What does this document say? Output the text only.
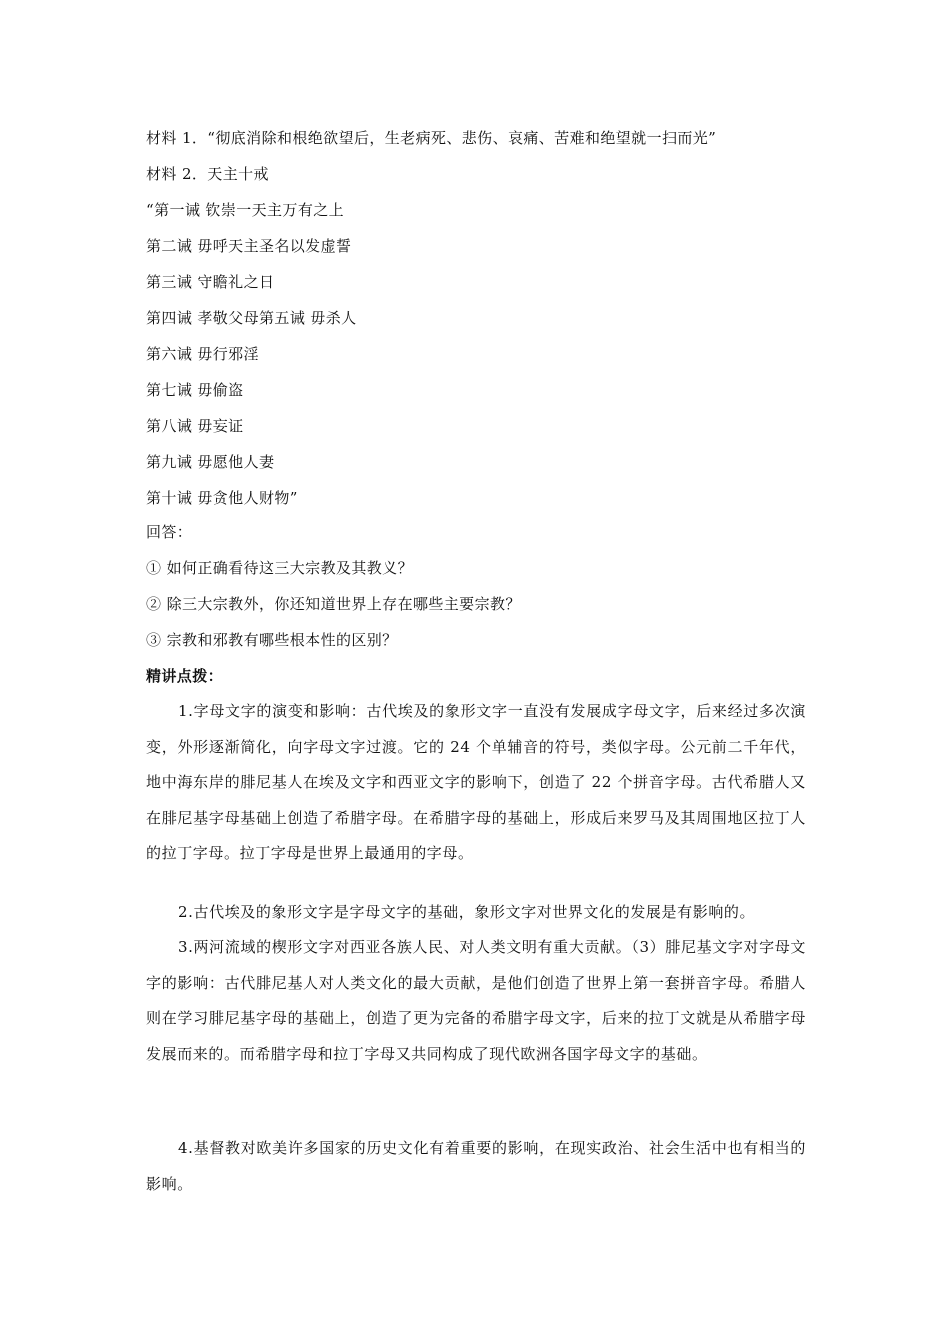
材料 1．“彻底消除和根绝欲望后，生老病死、悲伤、哀痛、苦难和绝望就一扫而光”
材料 2．天主十戒
“第一诫 钦崇一天主万有之上
第二诫 毋呼天主圣名以发虚誓
第三诫 守瞻礼之日
第四诫 孝敬父母第五诫 毋杀人
第六诫 毋行邪淫
第七诫 毋偷盗
第八诫 毋妄证
第九诫 毋愿他人妻
第十诫 毋贪他人财物”
回答：
① 如何正确看待这三大宗教及其教义？
② 除三大宗教外，你还知道世界上存在哪些主要宗教？
③ 宗教和邪教有哪些根本性的区别？
精讲点拨：

1.字母文字的演变和影响：古代埃及的象形文字一直没有发展成字母文字，后来经过多次演变，外形逐渐简化，向字母文字过渡。它的 24 个单辅音的符号，类似字母。公元前二千年代，地中海东岸的腓尼基人在埃及文字和西亚文字的影响下，创造了 22 个拼音字母。古代希腊人又在腓尼基字母基础上创造了希腊字母。在希腊字母的基础上，形成后来罗马及其周围地区拉丁人的拉丁字母。拉丁字母是世界上最通用的字母。

2.古代埃及的象形文字是字母文字的基础，象形文字对世界文化的发展是有影响的。

3.两河流域的楔形文字对西亚各族人民、对人类文明有重大贡献。（3）腓尼基文字对字母文字的影响：古代腓尼基人对人类文化的最大贡献，是他们创造了世界上第一套拼音字母。希腊人则在学习腓尼基字母的基础上，创造了更为完备的希腊字母文字，后来的拉丁文就是从希腊字母发展而来的。而希腊字母和拉丁字母又共同构成了现代欧洲各国字母文字的基础。

4.基督教对欧美许多国家的历史文化有着重要的影响，在现实政治、社会生活中也有相当的影响。
